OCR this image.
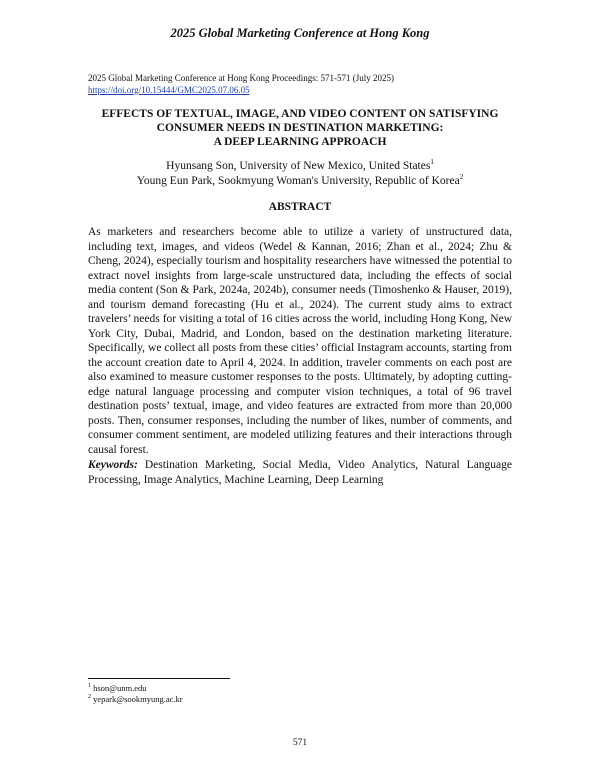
2025 Global Marketing Conference at Hong Kong
2025 Global Marketing Conference at Hong Kong Proceedings: 571-571 (July 2025)
https://doi.org/10.15444/GMC2025.07.06.05
EFFECTS OF TEXTUAL, IMAGE, AND VIDEO CONTENT ON SATISFYING
CONSUMER NEEDS IN DESTINATION MARKETING:
A DEEP LEARNING APPROACH
Hyunsang Son, University of New Mexico, United States$^1$
Young Eun Park, Sookmyung Woman's University, Republic of Korea$^2$
ABSTRACT
As marketers and researchers become able to utilize a variety of unstructured data, including text, images, and videos (Wedel & Kannan, 2016; Zhan et al., 2024; Zhu & Cheng, 2024), especially tourism and hospitality researchers have witnessed the potential to extract novel insights from large-scale unstructured data, including the effects of social media content (Son & Park, 2024a, 2024b), consumer needs (Timoshenko & Hauser, 2019), and tourism demand forecasting (Hu et al., 2024). The current study aims to extract travelers’ needs for visiting a total of 16 cities across the world, including Hong Kong, New York City, Dubai, Madrid, and London, based on the destination marketing literature. Specifically, we collect all posts from these cities’ official Instagram accounts, starting from the account creation date to April 4, 2024. In addition, traveler comments on each post are also examined to measure customer responses to the posts. Ultimately, by adopting cutting-edge natural language processing and computer vision techniques, a total of 96 travel destination posts’ textual, image, and video features are extracted from more than 20,000 posts. Then, consumer responses, including the number of likes, number of comments, and consumer comment sentiment, are modeled utilizing features and their interactions through causal forest.
Keywords: Destination Marketing, Social Media, Video Analytics, Natural Language Processing, Image Analytics, Machine Learning, Deep Learning
$^1$ hson@unm.edu
$^2$ yepark@sookmyung.ac.kr
571
